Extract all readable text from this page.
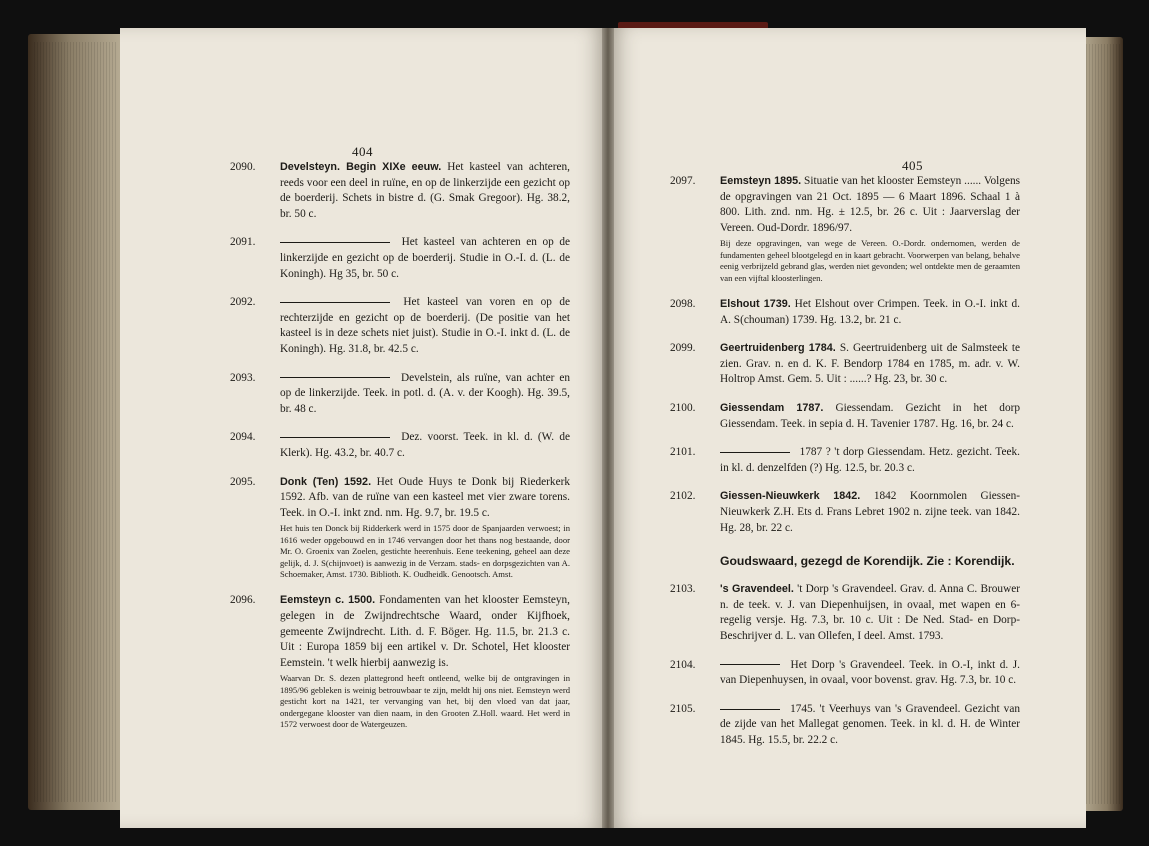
404
2090. Develsteyn. Begin XIXe eeuw. Het kasteel van achteren, reeds voor een deel in ruïne, en op de linkerzijde een gezicht op de boerderij. Schets in bistre d. (G. Smak Gregoor). Hg. 38.2, br. 50 c.
2091.	Het kasteel van achteren en op de linkerzijde en gezicht op de boerderij. Studie in O.-I. d. (L. de Koningh). Hg 35, br. 50 c.
2092.	Het kasteel van voren en op de rechterzijde en gezicht op de boerderij. (De positie van het kasteel is in deze schets niet juist). Studie in O.-I. inkt d. (L. de Koningh). Hg. 31.8, br. 42.5 c.
2093.	Develstein, als ruïne, van achter en op de linkerzijde. Teek. in potl. d. (A. v. der Koogh). Hg. 39.5, br. 48 c.
2094.	Dez. voorst. Teek. in kl. d. (W. de Klerk). Hg. 43.2, br. 40.7 c.
2095. Donk (Ten) 1592. Het Oude Huys te Donk bij Riederkerk 1592. Afb. van de ruïne van een kasteel met vier zware torens. Teek. in O.-I. inkt znd. nm. Hg. 9.7, br. 19.5 c.
Het huis ten Donck bij Ridderkerk werd in 1575 door de Spanjaarden verwoest; in 1616 weder opgebouwd en in 1746 vervangen door het thans nog bestaande, door Mr. O. Groenix van Zoelen, gestichte heerenhuis. Eene teekening, geheel aan deze gelijk, d. J. S(chijnvoet) is aanwezig in de Verzam. stads- en dorpsgezichten van A. Schoemaker, Amst. 1730. Biblioth. K. Oudheidk. Genootsch. Amst.
2096. Eemsteyn c. 1500. Fondamenten van het klooster Eemsteyn, gelegen in de Zwijndrechtsche Waard, onder Kijfhoek, gemeente Zwijndrecht. Lith. d. F. Böger. Hg. 11.5, br. 21.3 c. Uit : Europa 1859 bij een artikel v. Dr. Schotel, Het klooster Eemstein. 't welk hierbij aanwezig is.
Waarvan Dr. S. dezen plattegrond heeft ontleend, welke bij de ontgravingen in 1895/96 gebleken is weinig betrouwbaar te zijn, meldt hij ons niet. Eemsteyn werd gesticht kort na 1421, ter vervanging van het, bij den vloed van dat jaar, ondergegane klooster van dien naam, in den Grooten Z.Holl. waard. Het werd in 1572 verwoest door de Watergeuzen.
405
2097. Eemsteyn 1895. Situatie van het klooster Eemsteyn ...... Volgens de opgravingen van 21 Oct. 1895 — 6 Maart 1896. Schaal 1 à 800. Lith. znd. nm. Hg. ± 12.5, br. 26 c. Uit : Jaarverslag der Vereen. Oud-Dordr. 1896/97.
Bij deze opgravingen, van wege de Vereen. O.-Dordr. ondernomen, werden de fundamenten geheel blootgelegd en in kaart gebracht. Voorwerpen van belang, behalve eenig verbrijzeld gebrand glas, werden niet gevonden; wel ontdekte men de geraamten van een vijftal kloosterlingen.
2098. Elshout 1739. Het Elshout over Crimpen. Teek. in O.-I. inkt d. A. S(chouman) 1739. Hg. 13.2, br. 21 c.
2099. Geertruidenberg 1784. S. Geertruidenberg uit de Salmsteek te zien. Grav. n. en d. K. F. Bendorp 1784 en 1785, m. adr. v. W. Holtrop Amst. Gem. 5. Uit : ......? Hg. 23, br. 30 c.
2100. Giessendam 1787. Giessendam. Gezicht in het dorp Giessendam. Teek. in sepia d. H. Tavenier 1787. Hg. 16, br. 24 c.
2101.	1787 ? 't dorp Giessendam. Hetz. gezicht. Teek. in kl. d. denzelfden (?) Hg. 12.5, br. 20.3 c.
2102. Giessen-Nieuwkerk 1842. 1842 Koornmolen Giessen-Nieuwkerk Z.H. Ets d. Frans Lebret 1902 n. zijne teek. van 1842. Hg. 28, br. 22 c.
Goudswaard, gezegd de Korendijk. Zie : Korendijk.
2103. 's Gravendeel. 't Dorp 's Gravendeel. Grav. d. Anna C. Brouwer n. de teek. v. J. van Diepenhuijsen, in ovaal, met wapen en 6-regelig versje. Hg. 7.3, br. 10 c. Uit : De Ned. Stad- en Dorp-Beschrijver d. L. van Ollefen, I deel. Amst. 1793.
2104.	Het Dorp 's Gravendeel. Teek. in O.-I, inkt d. J. van Diepenhuysen, in ovaal, voor bovenst. grav. Hg. 7.3, br. 10 c.
2105.	1745. 't Veerhuys van 's Gravendeel. Gezicht van de zijde van het Mallegat genomen. Teek. in kl. d. H. de Winter 1845. Hg. 15.5, br. 22.2 c.
